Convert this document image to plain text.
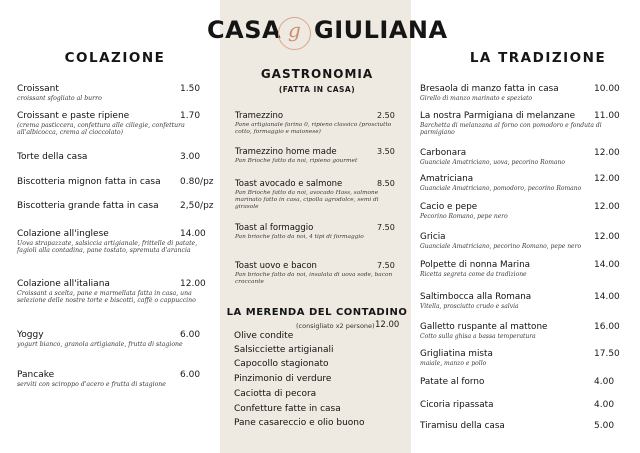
CASA g GIULIANA
COLAZIONE
Croissant
croissant sfogliato al burro
1.50
Croissant e paste ripiene
(crema pasticcera, confettura alle ciliegie, confettura all'albicocca, crema al cioccolato)
1.70
Torte della casa	3.00
Biscotteria mignon fatta in casa	0.80/pz
Biscotteria grande fatta in casa	2,50/pz
Colazione all'inglese
Uova strapazzate, salsiccia artigianale, frittelle di patate, fagioli alla contadina, pane tostato, spremuta d'arancia
14.00
Colazione all'italiana
Croissant a scelta, pane e marmellata fatta in casa, una selezione delle nostre torte e biscotti, caffè o cappuccino
12.00
Yoggy
yogurt bianco, granola artigianale, frutta di stagione
6.00
Pancake
serviti con sciroppo d'acero e frutta di stagione
6.00
GASTRONOMIA
(FATTA IN CASA)
Tramezzino
Pane artigianale farina 0, ripieno classico (prosciutto cotto, formaggio e maionese)
2.50
Tramezzino home made
Pan Brioche fatto da noi, ripieno gourmet
3.50
Toast avocado e salmone
Pan Brioche fatto da noi, avocado Hass, salmone marinato fatto in casa, cipolla agrodolce, semi di girasole
8.50
Toast al formaggio
Pan brioche fatto da noi, 4 tipi di formaggio
7.50
Toast uovo e bacon
Pan brioche fatto da noi, insalata di uova sode, bacon croccante
7.50
LA MERENDA DEL CONTADINO
(consigliato x2 persone) 12.00
Olive condite
Salsicciette artigianali
Capocollo stagionato
Pinzimonio di verdure
Caciotta di pecora
Confetture fatte in casa
Pane casareccio e olio buono
LA TRADIZIONE
Bresaola di manzo fatta in casa
Girello di manzo marinato e speziato
10.00
La nostra Parmigiana di melanzane
Barchetta di melanzana al forno con pomodoro e fonduta di parmigiano
11.00
Carbonara
Guanciale Amatriciano, uova, pecorino Romano
12.00
Amatriciana
Guanciale Amatriciano, pomodoro, pecorino Romano
12.00
Cacio e pepe
Pecorino Romano, pepe nero
12.00
Gricia
Guanciale Amatriciano, pecorino Romano, pepe nero
12.00
Polpette di nonna Marina
Ricetta segreta come da tradizione
14.00
Saltimbocca alla Romana
Vitella, prosciutto crudo e salvia
14.00
Galletto ruspante al mattone
Cotto sulla ghisa a bassa temperatura
16.00
Grigliatina mista
maiale, manzo e pollo
17.50
Patate al forno	4.00
Cicoria ripassata	4.00
Tiramisu della casa	5.00
